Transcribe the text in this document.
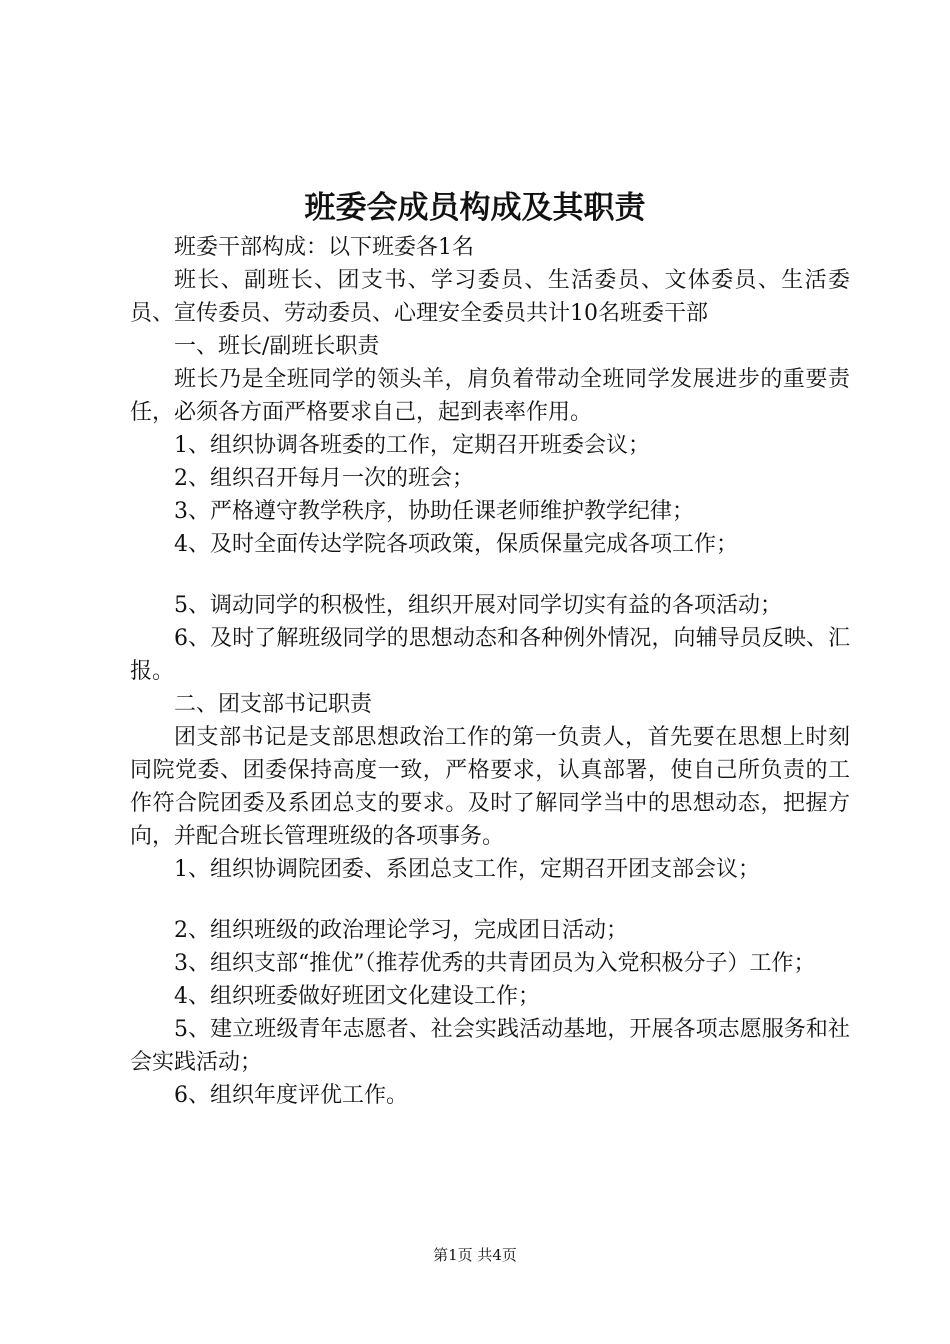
班委会成员构成及其职责

班委干部构成：以下班委各1名

班长、副班长、团支书、学习委员、生活委员、文体委员、生活委员、宣传委员、劳动委员、心理安全委员共计10名班委干部

一、班长/副班长职责

班长乃是全班同学的领头羊，肩负着带动全班同学发展进步的重要责任，必须各方面严格要求自己，起到表率作用。

1、组织协调各班委的工作，定期召开班委会议；

2、组织召开每月一次的班会；

3、严格遵守教学秩序，协助任课老师维护教学纪律；

4、及时全面传达学院各项政策，保质保量完成各项工作；

5、调动同学的积极性，组织开展对同学切实有益的各项活动；

6、及时了解班级同学的思想动态和各种例外情况，向辅导员反映、汇报。

二、团支部书记职责

团支部书记是支部思想政治工作的第一负责人，首先要在思想上时刻同院党委、团委保持高度一致，严格要求，认真部署，使自己所负责的工作符合院团委及系团总支的要求。及时了解同学当中的思想动态，把握方向，并配合班长管理班级的各项事务。

1、组织协调院团委、系团总支工作，定期召开团支部会议；

2、组织班级的政治理论学习，完成团日活动；

3、组织支部“推优”（推荐优秀的共青团员为入党积极分子）工作；

4、组织班委做好班团文化建设工作；

5、建立班级青年志愿者、社会实践活动基地，开展各项志愿服务和社会实践活动；

6、组织年度评优工作。

第1页 共4页
